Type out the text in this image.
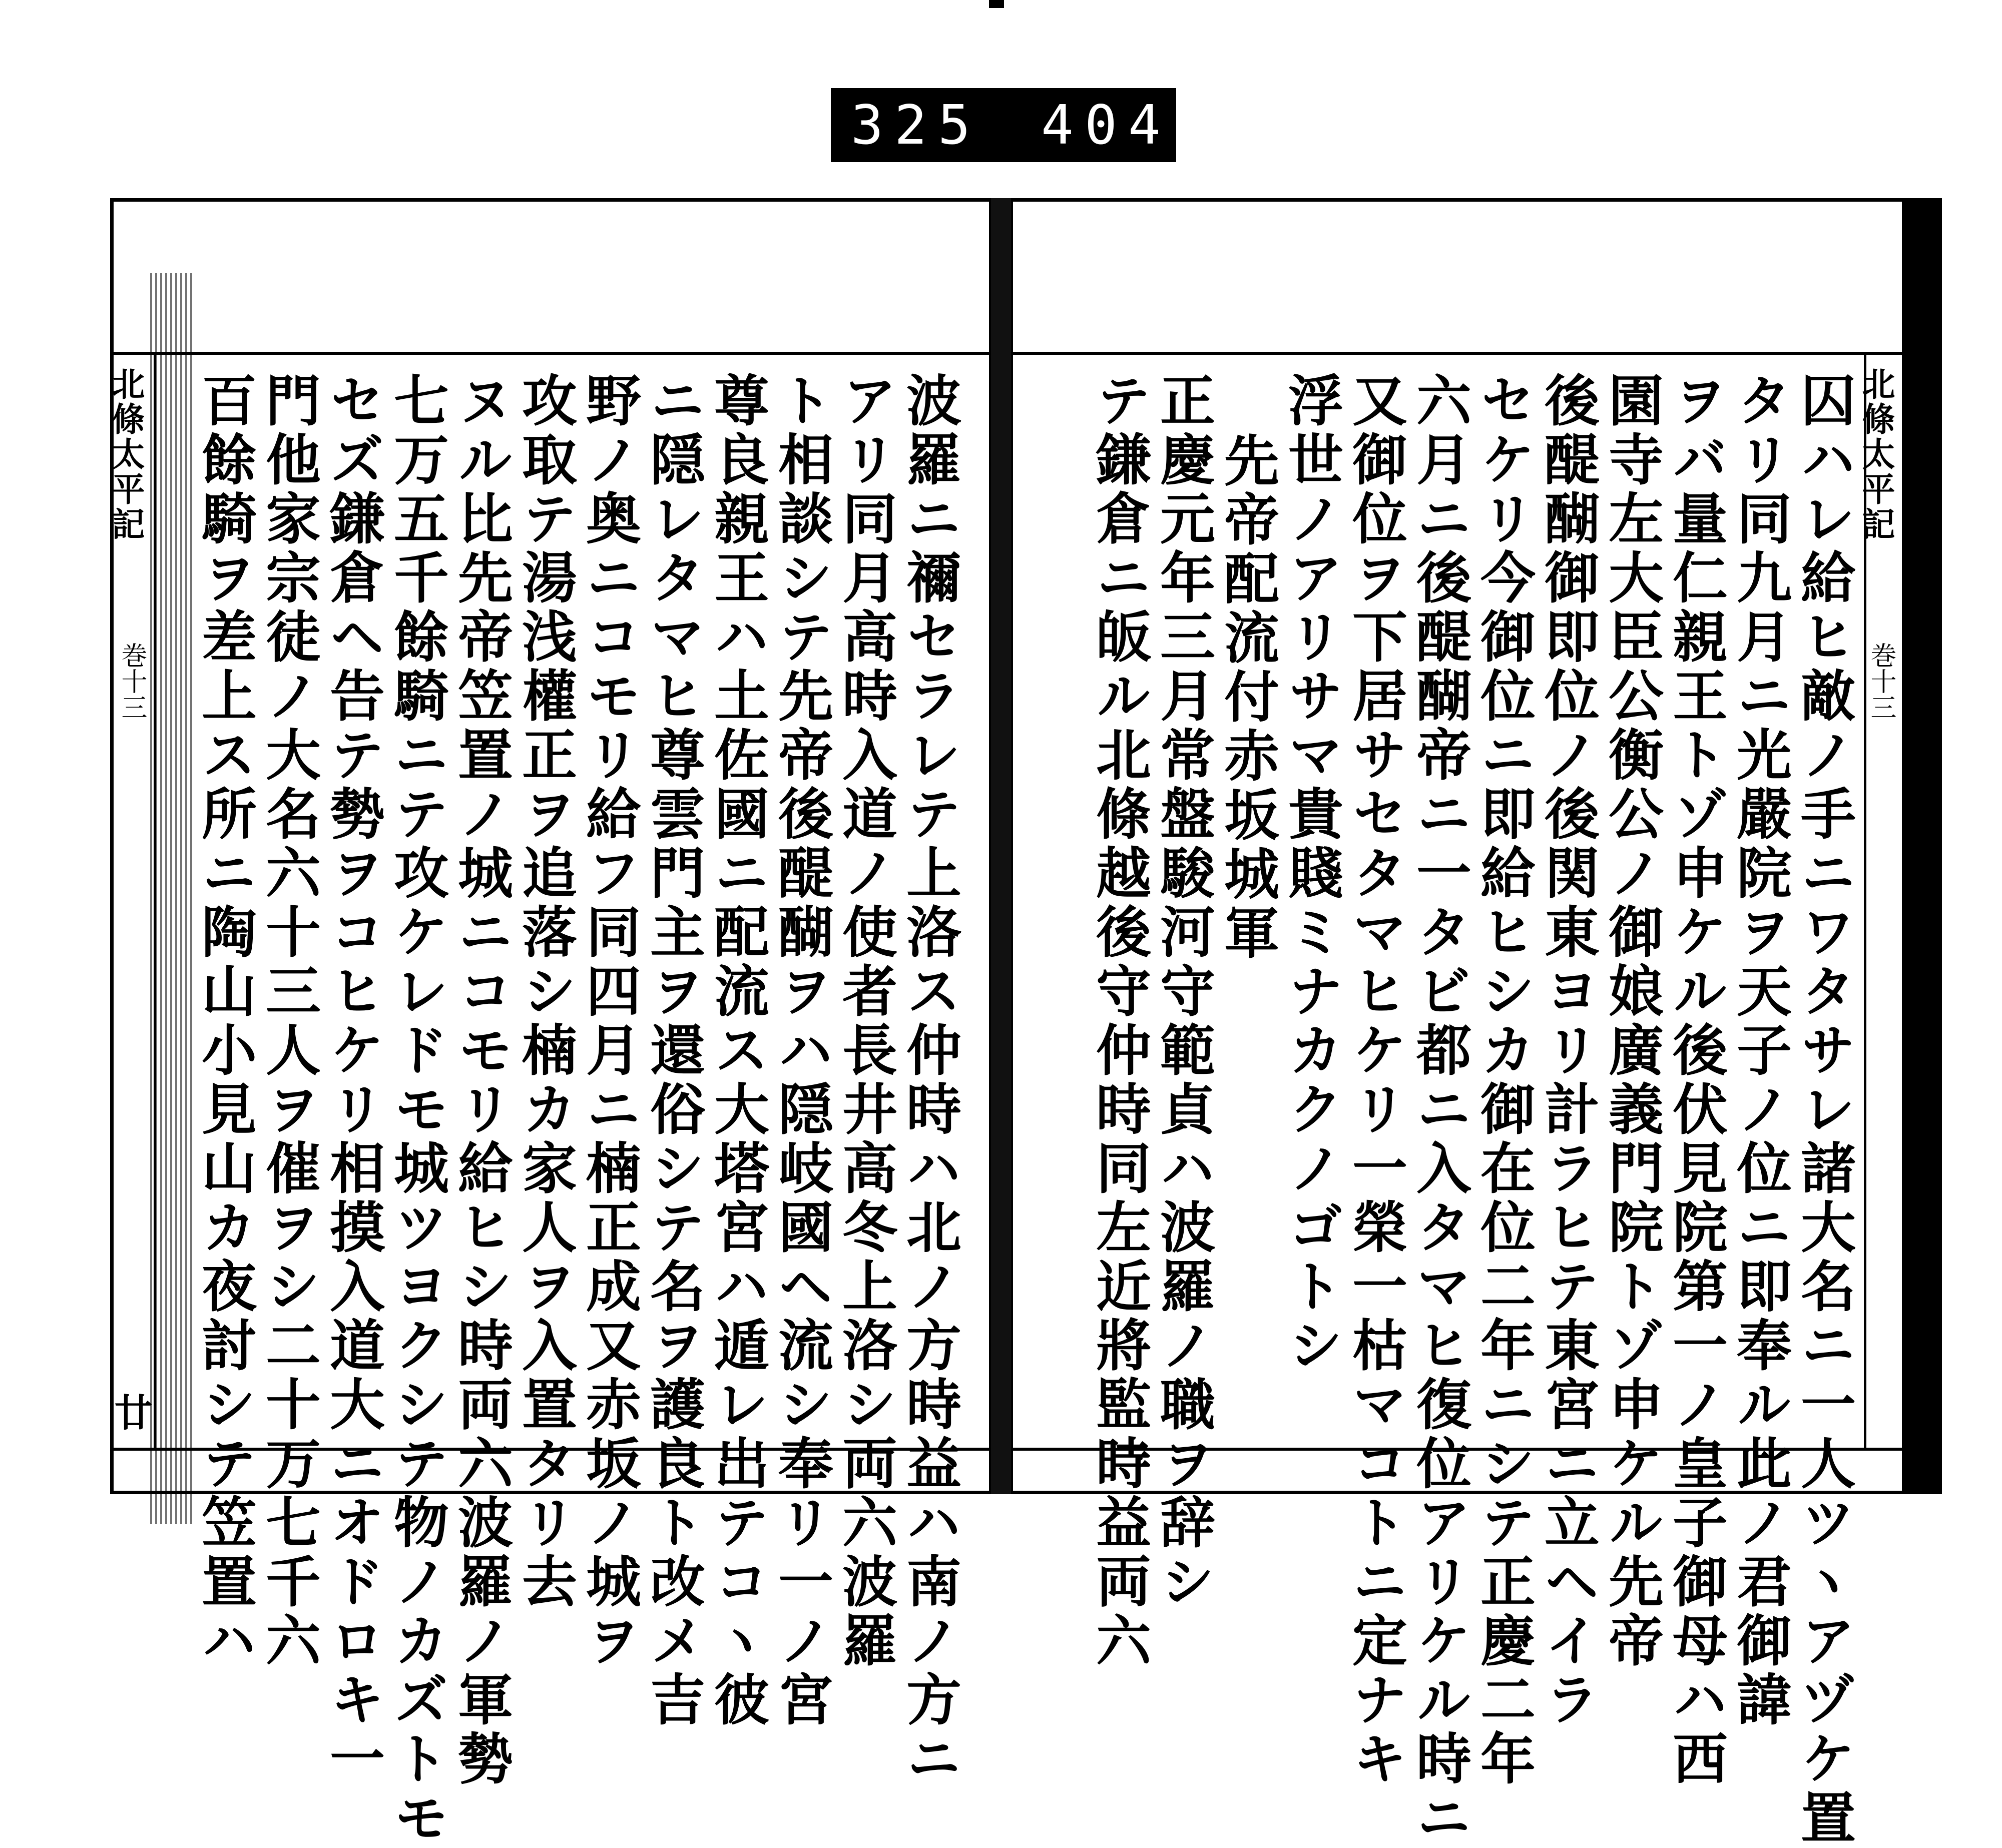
325 404.
北條太平記
巻十三
廿	波羅ニ禰セラレテ上洛ス仲時ハ北ノ方時益ハ南ノ方ニ
アリ同月高時入道ノ使者長井高冬上洛シ両六波羅
ト相談シテ先帝後醍醐ヲハ隠岐國ヘ流シ奉リ一ノ宮
尊良親王ハ土佐國ニ配流ス大塔宮ハ遁レ出テコヽ彼
ニ隠レタマヒ尊雲門主ヲ還俗シテ名ヲ護良ト改メ吉
野ノ奥ニコモリ給フ同四月ニ楠正成又赤坂ノ城ヲ
攻取テ湯浅權正ヲ追落シ楠カ家人ヲ入置タリ去
ヌル比先帝笠置ノ城ニコモリ給ヒシ時両六波羅ノ軍勢
七万五千餘騎ニテ攻ケレドモ城ツヨクシテ物ノカズトモ
セズ鎌倉ヘ告テ勢ヲコヒケリ相摸入道大ニオドロキ一
門他家宗徒ノ大名六十三人ヲ催ヲシ二十万七千六
百餘騎ヲ差上ス所ニ陶山小見山カ夜討シテ笠置ハ	北條太平記
巻十三
囚ハレ給ヒ敵ノ手ニワタサレ諸大名ニ一人ツヽアヅケ置
タリ同九月ニ光嚴院ヲ天子ノ位ニ即奉ル此ノ君御諱
ヲバ量仁親王トゾ申ケル後伏見院第一ノ皇子御母ハ西
園寺左大臣公衡公ノ御娘廣義門院トゾ申ケル先帝
後醍醐御即位ノ後関東ヨリ計ラヒテ東宮ニ立ヘイラ
セケリ今御位ニ即給ヒシカ御在位二年ニシテ正慶二年
六月ニ後醍醐帝ニ一タビ都ニ入タマヒ復位アリケル時ニ
又御位ヲ下居サセタマヒケリ一榮一枯マコトニ定ナキ
浮世ノアリサマ貴賤ミナカクノゴトシ
先帝配流付赤坂城軍
正慶元年三月常盤駿河守範貞ハ波羅ノ職ヲ辞シ
テ鎌倉ニ皈ル北條越後守仲時同左近將監時益両六
